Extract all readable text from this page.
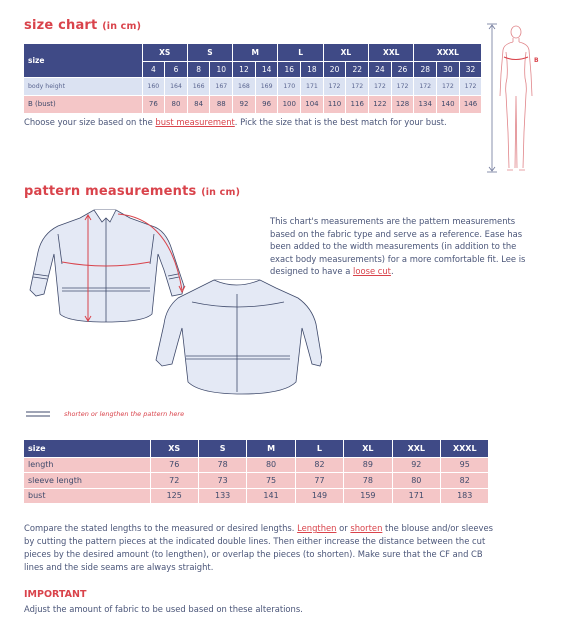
size chart (in cm)
size	XS		S		M		L		XL		XXL		XXXL		
	4	6	8	10	12	14	16	18	20	22	24	26	28	30	32
body height	160	164	166	167	168	169	170	171	172	172	172	172	172	172	172
B (bust)	76	80	84	88	92	96	100	104	110	116	122	128	134	140	146

Choose your size based on the bust measurement. Pick the size that is the best match for your bust.

B
pattern measurements (in cm)

This chart's measurements are the pattern measurements based on the fabric type and serve as a reference. Ease has been added to the width measurements (in addition to the exact body measurements) for a more comfortable fit. Lee is designed to have a loose cut.

shorten or lengthen the pattern here
size	XS	S	M	L	XL	XXL	XXXL
length	76	78	80	82	89	92	95
sleeve length	72	73	75	77	78	80	82
bust	125	133	141	149	159	171	183

Compare the stated lengths to the measured or desired lengths. Lengthen or shorten the blouse and/or sleeves by cutting the pattern pieces at the indicated double lines. Then either increase the distance between the cut pieces by the desired amount (to lengthen), or overlap the pieces (to shorten). Make sure that the CF and CB lines and the side seams are always straight.

IMPORTANT

Adjust the amount of fabric to be used based on these alterations.
